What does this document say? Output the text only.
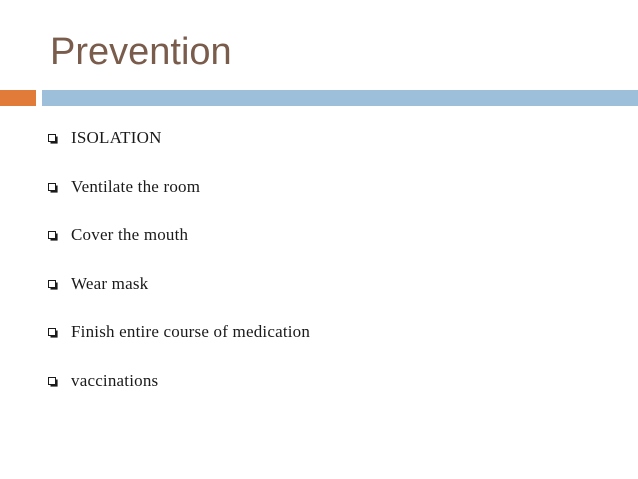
Prevention
ISOLATION
Ventilate the room
Cover the mouth
Wear mask
Finish entire course of medication
vaccinations
